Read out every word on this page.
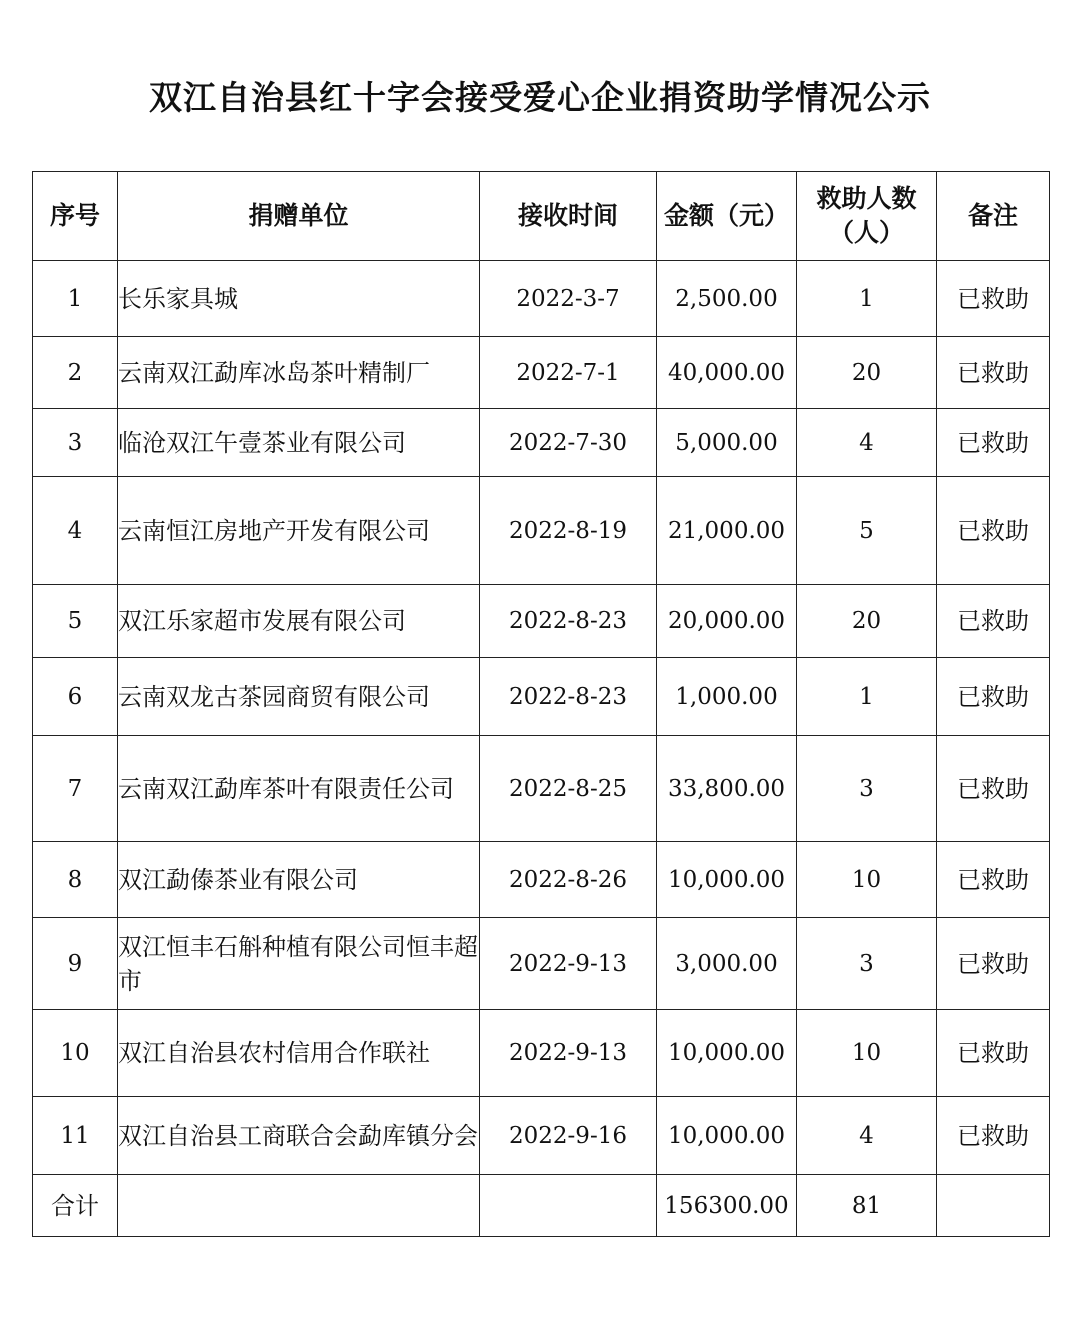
双江自治县红十字会接受爱心企业捐资助学情况公示
序号	捐赠单位	接收时间	金额（元）	救助人数（人）	备注
1	长乐家具城	2022-3-7	2,500.00	1	已救助
2	云南双江勐库冰岛茶叶精制厂	2022-7-1	40,000.00	20	已救助
3	临沧双江午壹茶业有限公司	2022-7-30	5,000.00	4	已救助
4	云南恒江房地产开发有限公司	2022-8-19	21,000.00	5	已救助
5	双江乐家超市发展有限公司	2022-8-23	20,000.00	20	已救助
6	云南双龙古茶园商贸有限公司	2022-8-23	1,000.00	1	已救助
7	云南双江勐库茶叶有限责任公司	2022-8-25	33,800.00	3	已救助
8	双江勐傣茶业有限公司	2022-8-26	10,000.00	10	已救助
9	双江恒丰石斛种植有限公司恒丰超市	2022-9-13	3,000.00	3	已救助
10	双江自治县农村信用合作联社	2022-9-13	10,000.00	10	已救助
11	双江自治县工商联合会勐库镇分会	2022-9-16	10,000.00	4	已救助
合计			156300.00	81	
